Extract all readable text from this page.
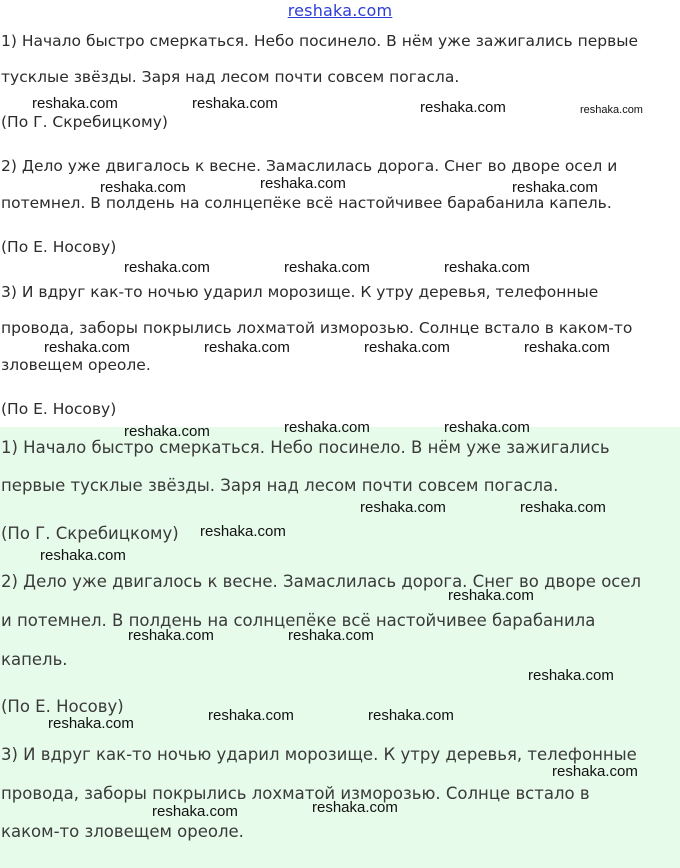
1) Начало быстро смеркаться. Небо посинело. В нём уже зажигались первые
тусклые звёзды. Заря над лесом почти совсем погасла.
(По Г. Скребицкому)
2) Дело уже двигалось к весне. Замаслилась дорога. Снег во дворе осел и
потемнел. В полдень на солнцепёке всё настойчивее барабанила капель.
(По Е. Носову)
3) И вдруг как-то ночью ударил морозище. К утру деревья, телефонные
провода, заборы покрылись лохматой изморозью. Солнце встало в каком-то
зловещем ореоле.
(По Е. Носову)
1) Начало быстро смеркаться. Небо посинело. В нём уже зажигались
первые тусклые звёзды. Заря над лесом почти совсем погасла.
(По Г. Скребицкому)
2) Дело уже двигалось к весне. Замаслилась дорога. Снег во дворе осел
и потемнел. В полдень на солнцепёке всё настойчивее барабанила
капель.
(По Е. Носову)
3) И вдруг как-то ночью ударил морозище. К утру деревья, телефонные
провода, заборы покрылись лохматой изморозью. Солнце встало в
каком-то зловещем ореоле.
reshaka.com
reshaka.com	reshaka.com	reshaka.com	reshaka.com
reshaka.com	reshaka.com	reshaka.com
reshaka.com	reshaka.com	reshaka.com
reshaka.com	reshaka.com	reshaka.com	reshaka.com
reshaka.com	reshaka.com	reshaka.com
reshaka.com	reshaka.com
reshaka.com
reshaka.com
reshaka.com
reshaka.com	reshaka.com
reshaka.com
reshaka.com	reshaka.com
reshaka.com
reshaka.com
reshaka.com
reshaka.com
